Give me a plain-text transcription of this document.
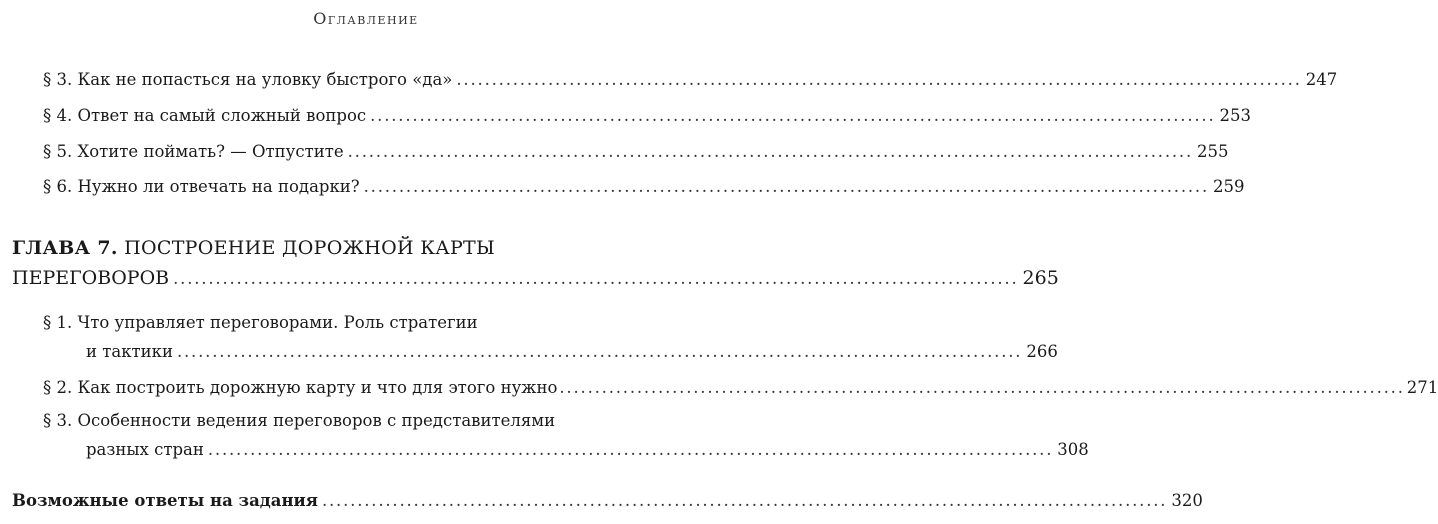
Оглавление
§ 3. Как не попасться на уловку быстрого «да» ........................................................................................................................ 247
§ 4. Ответ на самый сложный вопрос ........................................................................................................................ 253
§ 5. Хотите поймать? — Отпустите ........................................................................................................................ 255
§ 6. Нужно ли отвечать на подарки? ........................................................................................................................ 259
ГЛАВА 7. ПОСТРОЕНИЕ ДОРОЖНОЙ КАРТЫ
ПЕРЕГОВОРОВ ........................................................................................................................ 265
§ 1. Что управляет переговорами. Роль стратегии
и тактики ........................................................................................................................ 266
§ 2. Как построить дорожную карту и что для этого нужно ........................................................................................................................ 271
§ 3. Особенности ведения переговоров с представителями
разных стран ........................................................................................................................ 308
Возможные ответы на задания ........................................................................................................................ 320
